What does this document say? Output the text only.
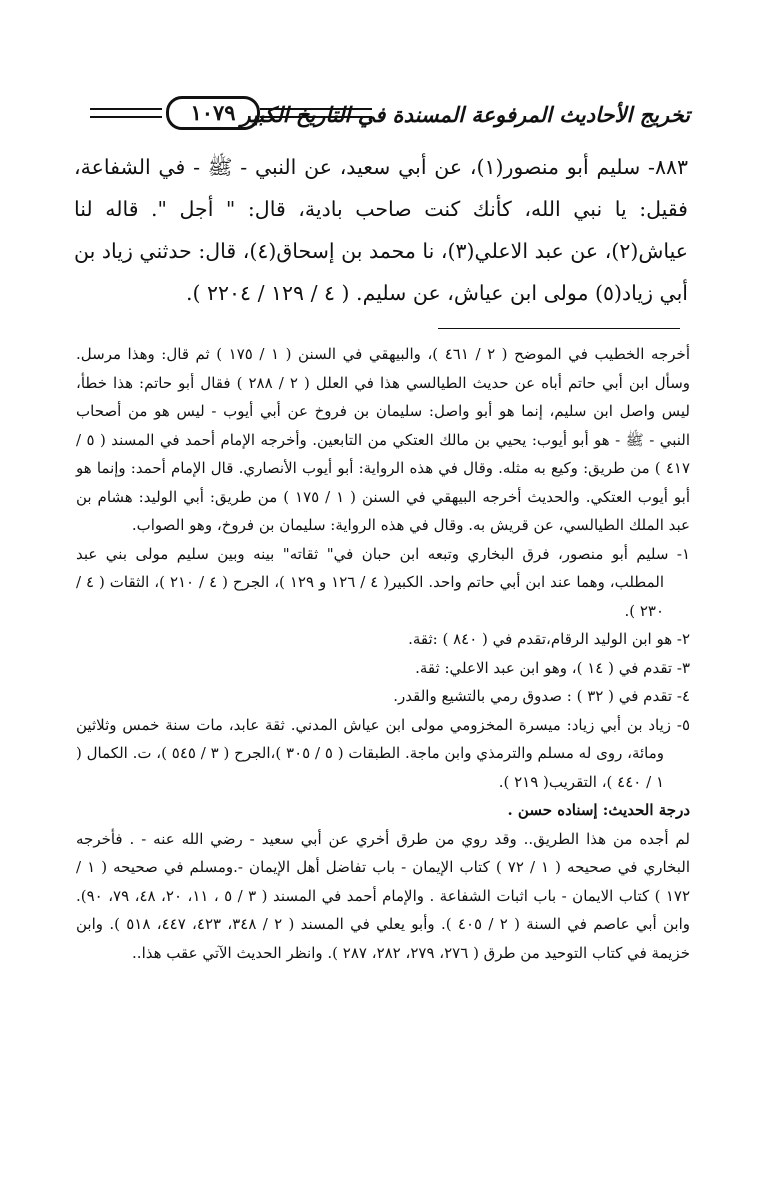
١٠٧٩ تخريج الأحاديث المرفوعة المسندة في التاريخ الكبير

٨٨٣- سليم أبو منصور(١)، عن أبي سعيد، عن النبي - ﷺ - في الشفاعة، فقيل: يا نبي الله، كأنك كنت صاحب بادية، قال: " أجل ". قاله لنا عياش(٢)، عن عبد الاعلي(٣)، نا محمد بن إسحاق(٤)، قال: حدثني زياد بن أبي زياد(٥) مولى ابن عياش، عن سليم. ( ٤ / ١٢٩ / ٢٢٠٤ ).

أخرجه الخطيب في الموضح ( ٢ / ٤٦١ )، والبيهقي في السنن ( ١ / ١٧٥ ) ثم قال: وهذا مرسل. وسأل ابن أبي حاتم أباه عن حديث الطيالسي هذا في العلل ( ٢ / ٢٨٨ ) فقال أبو حاتم: هذا خطأ، ليس واصل ابن سليم، إنما هو أبو واصل: سليمان بن فروخ عن أبي أيوب - ليس هو من أصحاب النبي - ﷺ - هو أبو أيوب: يحيي بن مالك العتكي من التابعين. وأخرجه الإمام أحمد في المسند ( ٥ / ٤١٧ ) من طريق: وكيع به مثله. وقال في هذه الرواية: أبو أيوب الأنصاري. قال الإمام أحمد: وإنما هو أبو أيوب العتكي. والحديث أخرجه البيهقي في السنن ( ١ / ١٧٥ ) من طريق: أبي الوليد: هشام بن عبد الملك الطيالسي، عن قريش به. وقال في هذه الرواية: سليمان بن فروخ، وهو الصواب.

١- سليم أبو منصور، فرق البخاري وتبعه ابن حبان في" ثقاته" بينه وبين سليم مولى بني عبد المطلب، وهما عند ابن أبي حاتم واحد. الكبير( ٤ / ١٢٦ و ١٢٩ )، الجرح ( ٤ / ٢١٠ )، الثقات ( ٤ / ٢٣٠ ).

٢- هو ابن الوليد الرقام،تقدم في ( ٨٤٠ ) :ثقة.

٣- تقدم في ( ١٤ )، وهو ابن عبد الاعلي: ثقة.

٤- تقدم في ( ٣٢ ) : صدوق رمي بالتشيع والقدر.

٥- زياد بن أبي زياد: ميسرة المخزومي مولى ابن عياش المدني. ثقة عابد، مات سنة خمس وثلاثين ومائة، روى له مسلم والترمذي وابن ماجة. الطبقات ( ٥ / ٣٠٥ )،الجرح ( ٣ / ٥٤٥ )، ت. الكمال ( ١ / ٤٤٠ )، التقريب( ٢١٩ ).

درجة الحديث: إسناده حسن .

لم أجده من هذا الطريق.. وقد روي من طرق أخري عن أبي سعيد - رضي الله عنه - . فأخرجه البخاري في صحيحه ( ١ / ٧٢ ) كتاب الإيمان - باب تفاضل أهل الإيمان -.ومسلم في صحيحه ( ١ / ١٧٢ ) كتاب الايمان - باب اثبات الشفاعة . والإمام أحمد في المسند ( ٣ / ٥ ، ١١، ٢٠، ٤٨، ٧٩، ٩٠). وابن أبي عاصم في السنة ( ٢ / ٤٠٥ ). وأبو يعلي في المسند ( ٢ / ٣٤٨، ٤٢٣، ٤٤٧، ٥١٨ ). وابن خزيمة في كتاب التوحيد من طرق ( ٢٧٦، ٢٧٩، ٢٨٢، ٢٨٧ ). وانظر الحديث الآتي عقب هذا..
